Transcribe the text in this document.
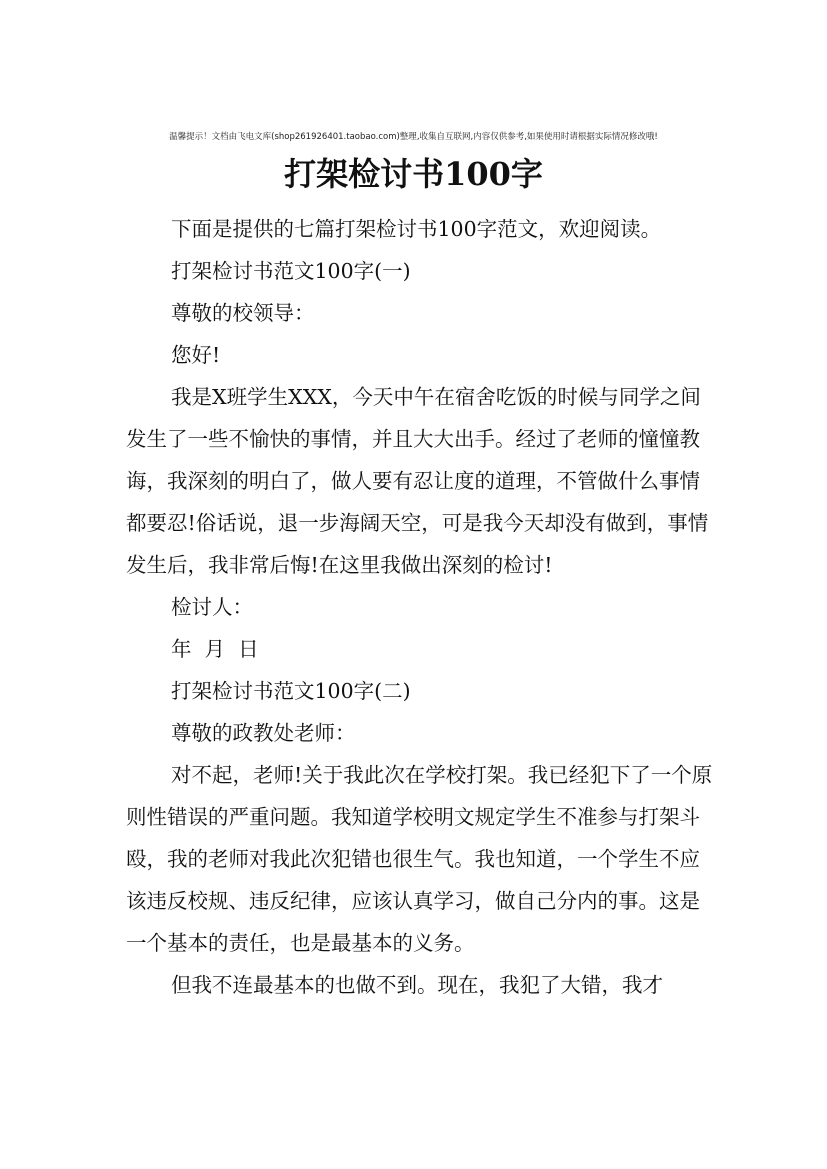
温馨提示！文档由飞电文库(shop261926401.taobao.com)整理,收集自互联网,内容仅供参考,如果使用时请根据实际情况修改哦!
打架检讨书100字

下面是提供的七篇打架检讨书100字范文，欢迎阅读。

打架检讨书范文100字(一)

尊敬的校领导：

您好!

我是X班学生XXX，今天中午在宿舍吃饭的时候与同学之间发生了一些不愉快的事情，并且大大出手。经过了老师的憧憧教诲，我深刻的明白了，做人要有忍让度的道理，不管做什么事情都要忍!俗话说，退一步海阔天空，可是我今天却没有做到，事情发生后，我非常后悔!在这里我做出深刻的检讨!

检讨人：

年  月  日

打架检讨书范文100字(二)

尊敬的政教处老师：

对不起，老师!关于我此次在学校打架。我已经犯下了一个原则性错误的严重问题。我知道学校明文规定学生不准参与打架斗殴，我的老师对我此次犯错也很生气。我也知道，一个学生不应该违反校规、违反纪律，应该认真学习，做自己分内的事。这是一个基本的责任，也是最基本的义务。

但我不连最基本的也做不到。现在，我犯了大错，我才
